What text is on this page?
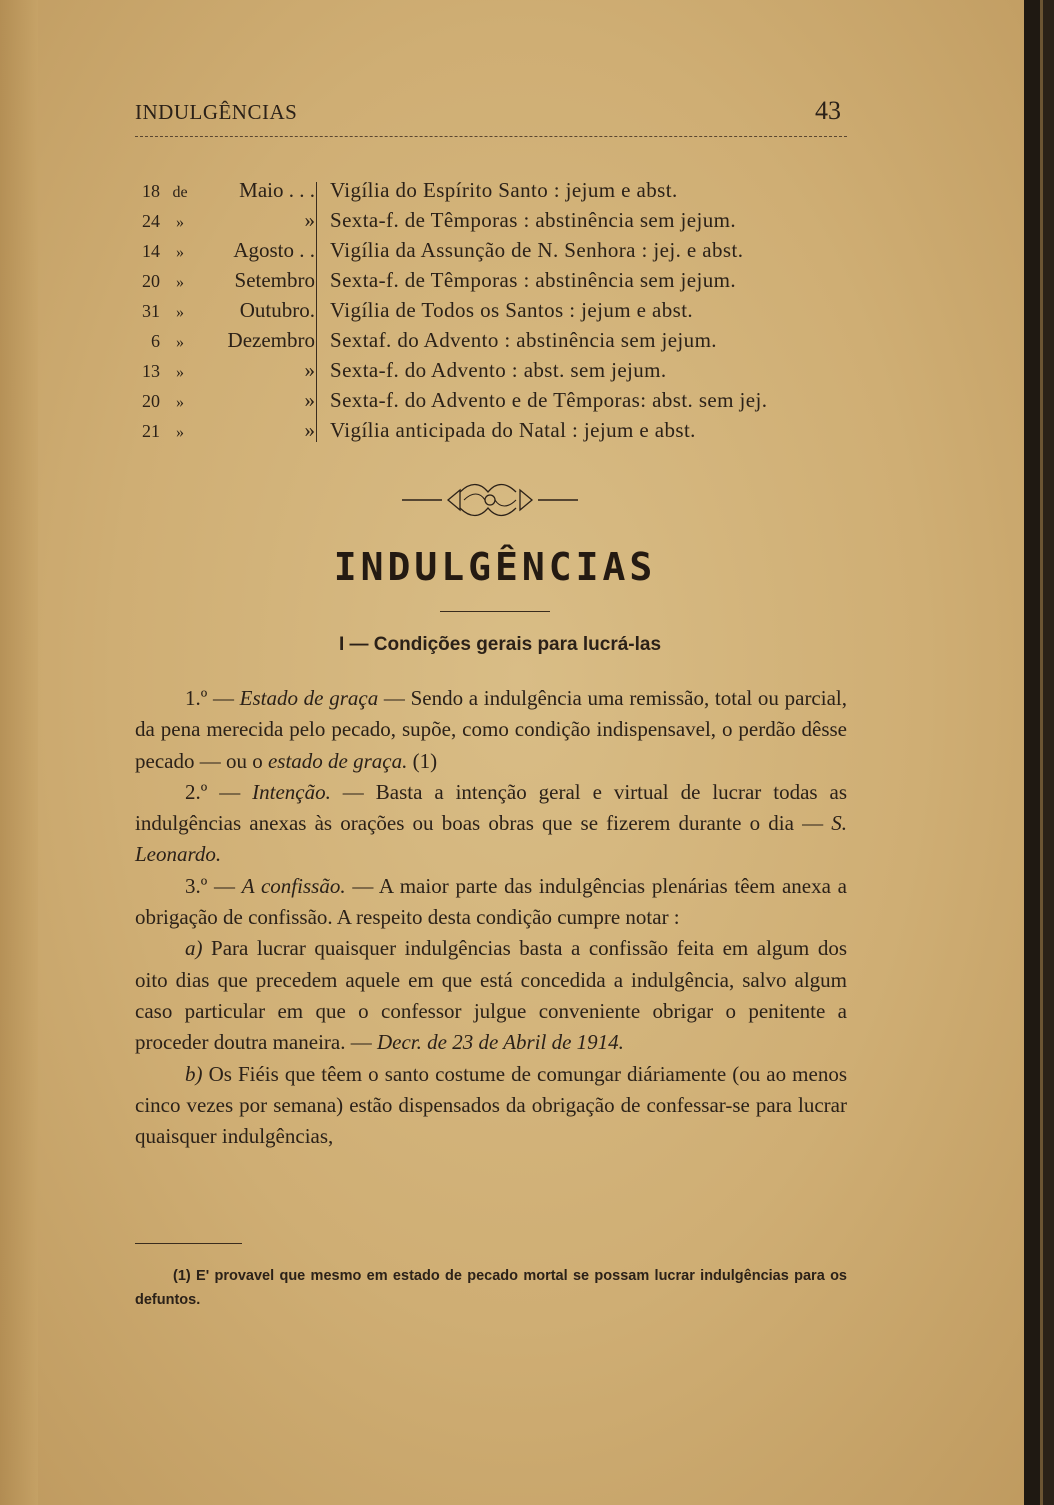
INDULGÊNCIAS	43
18 de	Maio . . . Vigília do Espírito Santo : jejum e abst.
24	»	» Sexta-f. de Têmporas : abstinência sem jejum.
14	»	Agosto . . Vigília da Assunção de N. Senhora : jej. e abst.
20	»	Setembro Sexta-f. de Têmporas : abstinência sem jejum.
31	»	Outubro. Vigília de Todos os Santos : jejum e abst.
6	»	Dezembro Sextaf. do Advento : abstinência sem jejum.
13	»	» Sexta-f. do Advento : abst. sem jejum.
20	»	» Sexta-f. do Advento e de Têmporas: abst. sem jej.
21	»	» Vigília anticipada do Natal : jejum e abst.
INDULGÊNCIAS
I — Condições gerais para lucrá-las

1.º — Estado de graça — Sendo a indulgência uma remissão, total ou parcial, da pena merecida pelo pecado, supõe, como condição indispensavel, o perdão dêsse pecado — ou o estado de graça. (1)

2.º — Intenção. — Basta a intenção geral e virtual de lucrar todas as indulgências anexas às orações ou boas obras que se fizerem durante o dia — S. Leonardo.

3.º — A confissão. — A maior parte das indulgências plenárias têem anexa a obrigação de confissão. A respeito desta condição cumpre notar :

a) Para lucrar quaisquer indulgências basta a confissão feita em algum dos oito dias que precedem aquele em que está concedida a indulgência, salvo algum caso particular em que o confessor julgue conveniente obrigar o penitente a proceder doutra maneira. — Decr. de 23 de Abril de 1914.

b) Os Fiéis que têem o santo costume de comungar diáriamente (ou ao menos cinco vezes por semana) estão dispensados da obrigação de confessar-se para lucrar quaisquer indulgências,

(1) E' provavel que mesmo em estado de pecado mortal se possam lucrar indulgências para os defuntos.
